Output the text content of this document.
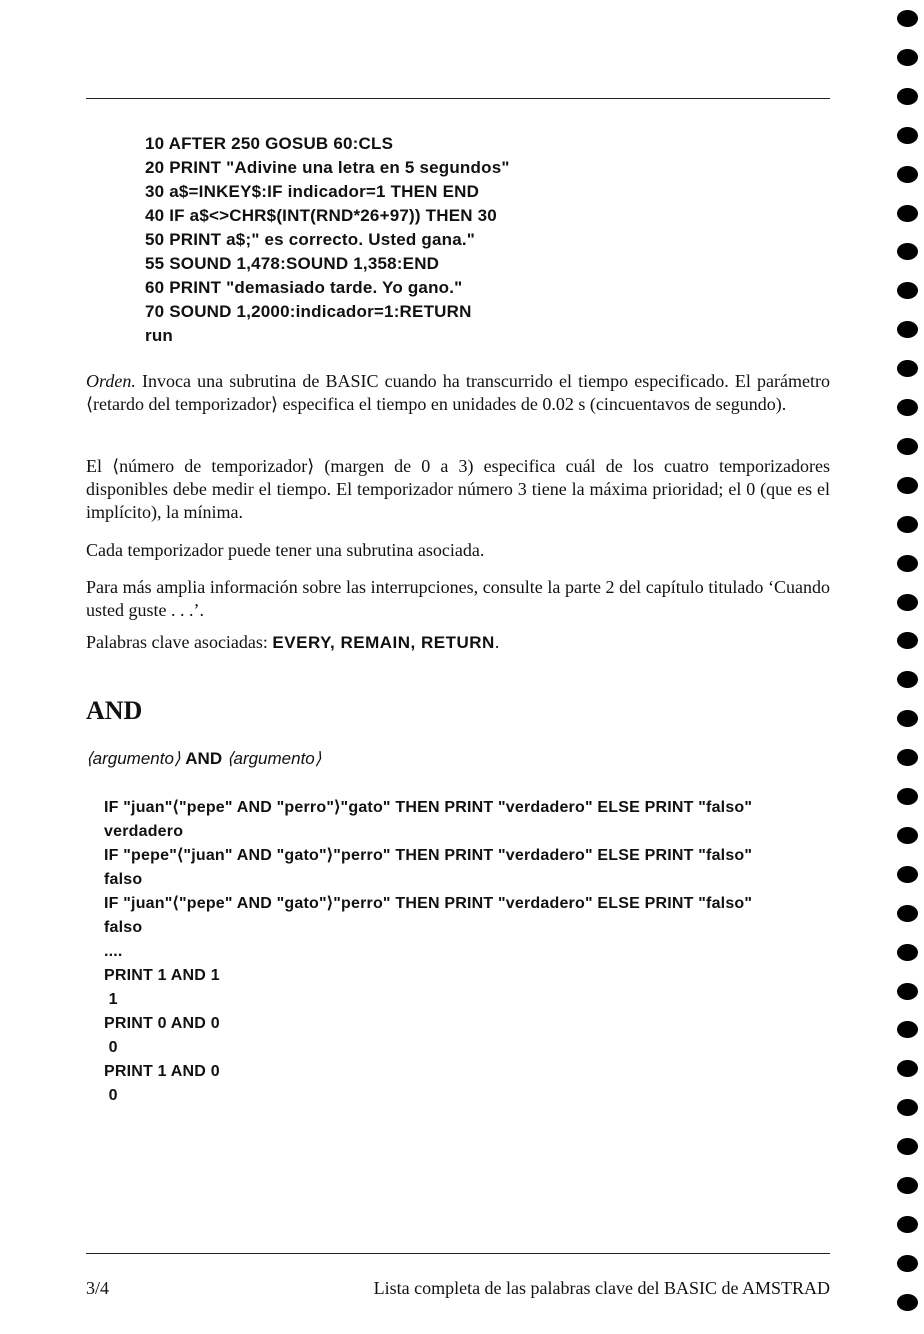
10 AFTER 250 GOSUB 60:CLS
20 PRINT "Adivine una letra en 5 segundos"
30 a$=INKEY$:IF indicador=1 THEN END
40 IF a$<>CHR$(INT(RND*26+97)) THEN 30
50 PRINT a$;" es correcto. Usted gana."
55 SOUND 1,478:SOUND 1,358:END
60 PRINT "demasiado tarde. Yo gano."
70 SOUND 1,2000:indicador=1:RETURN
run

Orden. Invoca una subrutina de BASIC cuando ha transcurrido el tiempo especificado. El parámetro ⟨retardo del temporizador⟩ especifica el tiempo en unidades de 0.02 s (cincuentavos de segundo).

El ⟨número de temporizador⟩ (margen de 0 a 3) especifica cuál de los cuatro temporizadores disponibles debe medir el tiempo. El temporizador número 3 tiene la máxima prioridad; el 0 (que es el implícito), la mínima.

Cada temporizador puede tener una subrutina asociada.

Para más amplia información sobre las interrupciones, consulte la parte 2 del capítulo titulado ‘Cuando usted guste . . .’.

Palabras clave asociadas: EVERY, REMAIN, RETURN.

AND
⟨argumento⟩ AND ⟨argumento⟩
IF "juan"⟨"pepe" AND "perro"⟩"gato" THEN PRINT "verdadero" ELSE PRINT "falso"
verdadero
IF "pepe"⟨"juan" AND "gato"⟩"perro" THEN PRINT "verdadero" ELSE PRINT "falso"
falso
IF "juan"⟨"pepe" AND "gato"⟩"perro" THEN PRINT "verdadero" ELSE PRINT "falso"
falso
....
PRINT 1 AND 1
1
PRINT 0 AND 0
0
PRINT 1 AND 0
0
3/4	Lista completa de las palabras clave del BASIC de AMSTRAD
